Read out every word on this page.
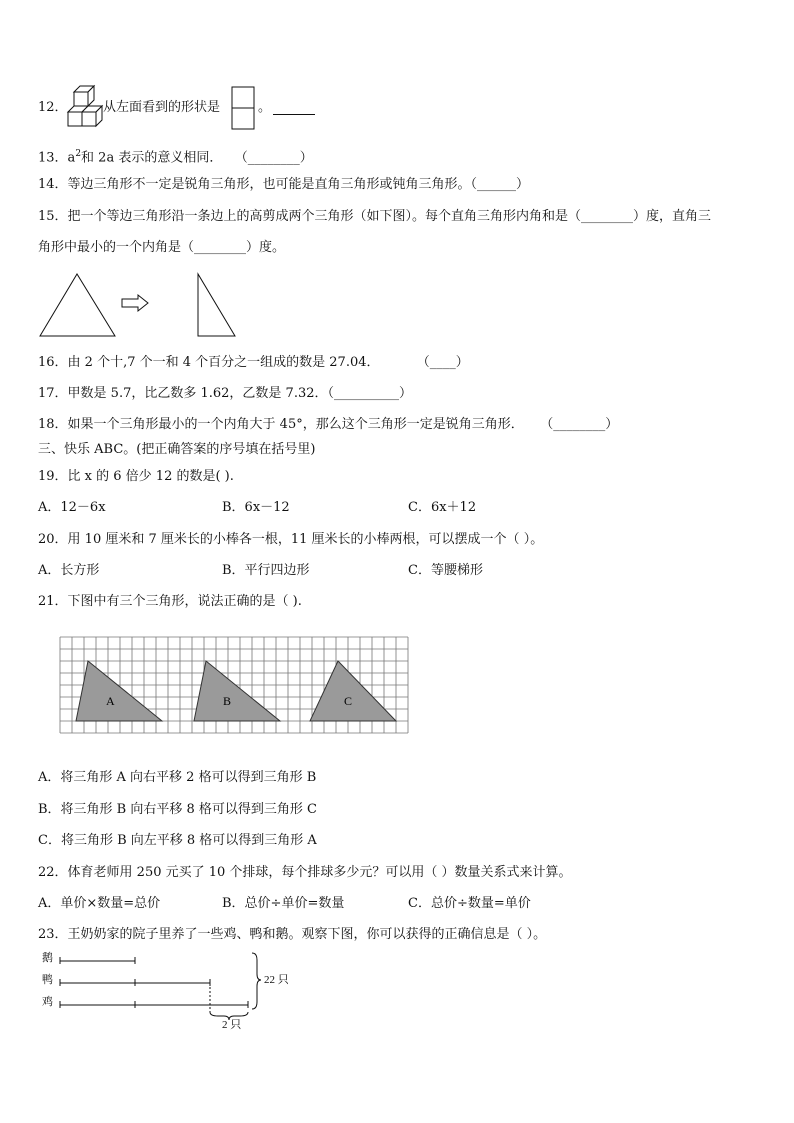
12．	从左面看到的形状是	。
13．$a^2$和 2a 表示的意义相同． （________）
14．等边三角形不一定是锐角三角形，也可能是直角三角形或钝角三角形。（______）
15．把一个等边三角形沿一条边上的高剪成两个三角形（如下图）。每个直角三角形内角和是（________）度，直角三
角形中最小的一个内角是（________）度。
16．由 2 个十,7 个一和 4 个百分之一组成的数是 27.04．	（____）
17．甲数是 5.7，比乙数多 1.62，乙数是 7.32．（__________）
18．如果一个三角形最小的一个内角大于 45°，那么这个三角形一定是锐角三角形． （________）
三、快乐 ABC。(把正确答案的序号填在括号里)
19．比 x 的 6 倍少 12 的数是( ).
A．12－6x	B．6x－12	C．6x＋12
20．用 10 厘米和 7 厘米长的小棒各一根，11 厘米长的小棒两根，可以摆成一个（ ）。
A．长方形	B．平行四边形	C．等腰梯形
21．下图中有三个三角形，说法正确的是（ ).
A	B	C
A．将三角形 A 向右平移 2 格可以得到三角形 B
B．将三角形 B 向右平移 8 格可以得到三角形 C
C．将三角形 B 向左平移 8 格可以得到三角形 A
22．体育老师用 250 元买了 10 个排球，每个排球多少元？可以用（ ）数量关系式来计算。
A．单价×数量=总价	B．总价÷单价=数量	C．总价÷数量=单价
23．王奶奶家的院子里养了一些鸡、鸭和鹅。观察下图，你可以获得的正确信息是（ ）。
鹅
鸭
鸡
22 只
2 只
